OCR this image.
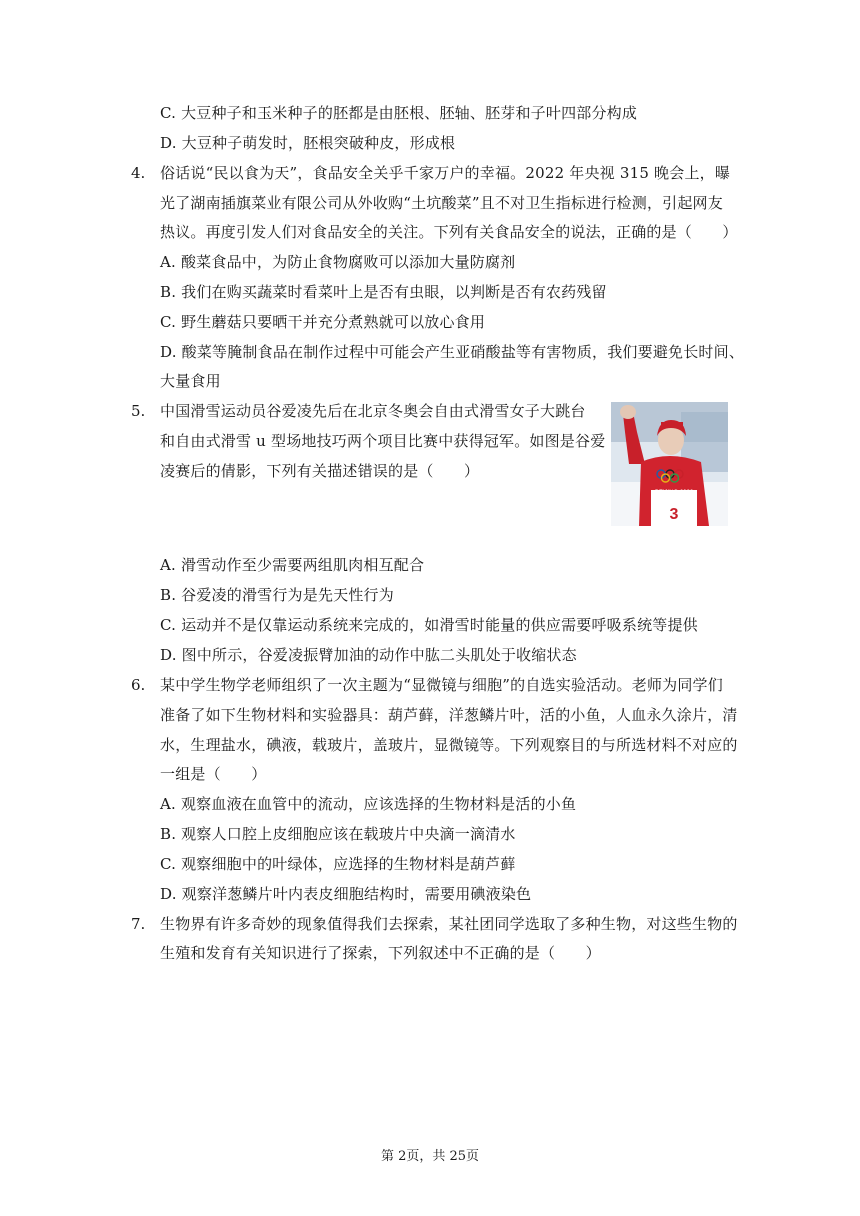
C. 大豆种子和玉米种子的胚都是由胚根、胚轴、胚芽和子叶四部分构成
D. 大豆种子萌发时，胚根突破种皮，形成根
4. 俗话说“民以食为天”，食品安全关乎千家万户的幸福。2022 年央视 315 晚会上，曝
光了湖南插旗菜业有限公司从外收购“土坑酸菜”且不对卫生指标进行检测，引起网友
热议。再度引发人们对食品安全的关注。下列有关食品安全的说法，正确的是（　　）
A. 酸菜食品中，为防止食物腐败可以添加大量防腐剂
B. 我们在购买蔬菜时看菜叶上是否有虫眼，以判断是否有农药残留
C. 野生蘑菇只要晒干并充分煮熟就可以放心食用
D. 酸菜等腌制食品在制作过程中可能会产生亚硝酸盐等有害物质，我们要避免长时间、
大量食用
5. 中国滑雪运动员谷爱凌先后在北京冬奥会自由式滑雪女子大跳台
和自由式滑雪 u 型场地技巧两个项目比赛中获得冠军。如图是谷爱
凌赛后的倩影，下列有关描述错误的是（　　）
BEIJING 2022
3
A. 滑雪动作至少需要两组肌肉相互配合
B. 谷爱凌的滑雪行为是先天性行为
C. 运动并不是仅靠运动系统来完成的，如滑雪时能量的供应需要呼吸系统等提供
D. 图中所示，谷爱凌振臂加油的动作中肱二头肌处于收缩状态
6. 某中学生物学老师组织了一次主题为“显微镜与细胞”的自选实验活动。老师为同学们
准备了如下生物材料和实验器具：葫芦藓，洋葱鳞片叶，活的小鱼，人血永久涂片，清
水，生理盐水，碘液，载玻片，盖玻片，显微镜等。下列观察目的与所选材料不对应的
一组是（　　）
A. 观察血液在血管中的流动，应该选择的生物材料是活的小鱼
B. 观察人口腔上皮细胞应该在载玻片中央滴一滴清水
C. 观察细胞中的叶绿体，应选择的生物材料是葫芦藓
D. 观察洋葱鳞片叶内表皮细胞结构时，需要用碘液染色
7. 生物界有许多奇妙的现象值得我们去探索，某社团同学选取了多种生物，对这些生物的
生殖和发育有关知识进行了探索，下列叙述中不正确的是（　　）
第 2页，共 25页
